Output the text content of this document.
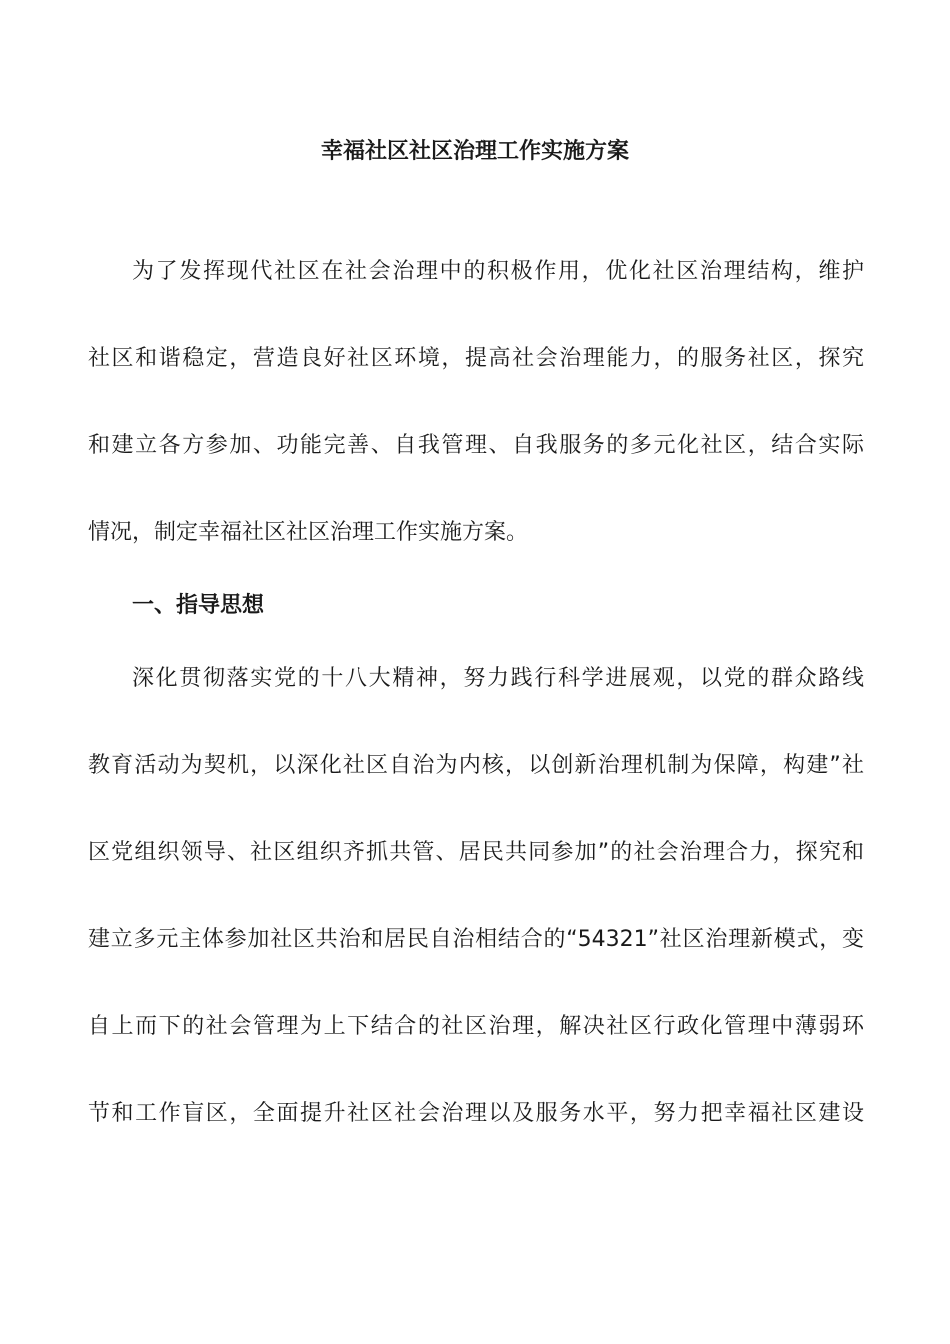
幸福社区社区治理工作实施方案
为了发挥现代社区在社会治理中的积极作用，优化社区治理结构，维护
社区和谐稳定，营造良好社区环境，提高社会治理能力，的服务社区，探究
和建立各方参加、功能完善、自我管理、自我服务的多元化社区，结合实际
情况，制定幸福社区社区治理工作实施方案。
一、指导思想
深化贯彻落实党的十八大精神，努力践行科学进展观，以党的群众路线
教育活动为契机，以深化社区自治为内核，以创新治理机制为保障，构建”社
区党组织领导、社区组织齐抓共管、居民共同参加”的社会治理合力，探究和
建立多元主体参加社区共治和居民自治相结合的“54321”社区治理新模式，变
自上而下的社会管理为上下结合的社区治理，解决社区行政化管理中薄弱环
节和工作盲区，全面提升社区社会治理以及服务水平，努力把幸福社区建设
